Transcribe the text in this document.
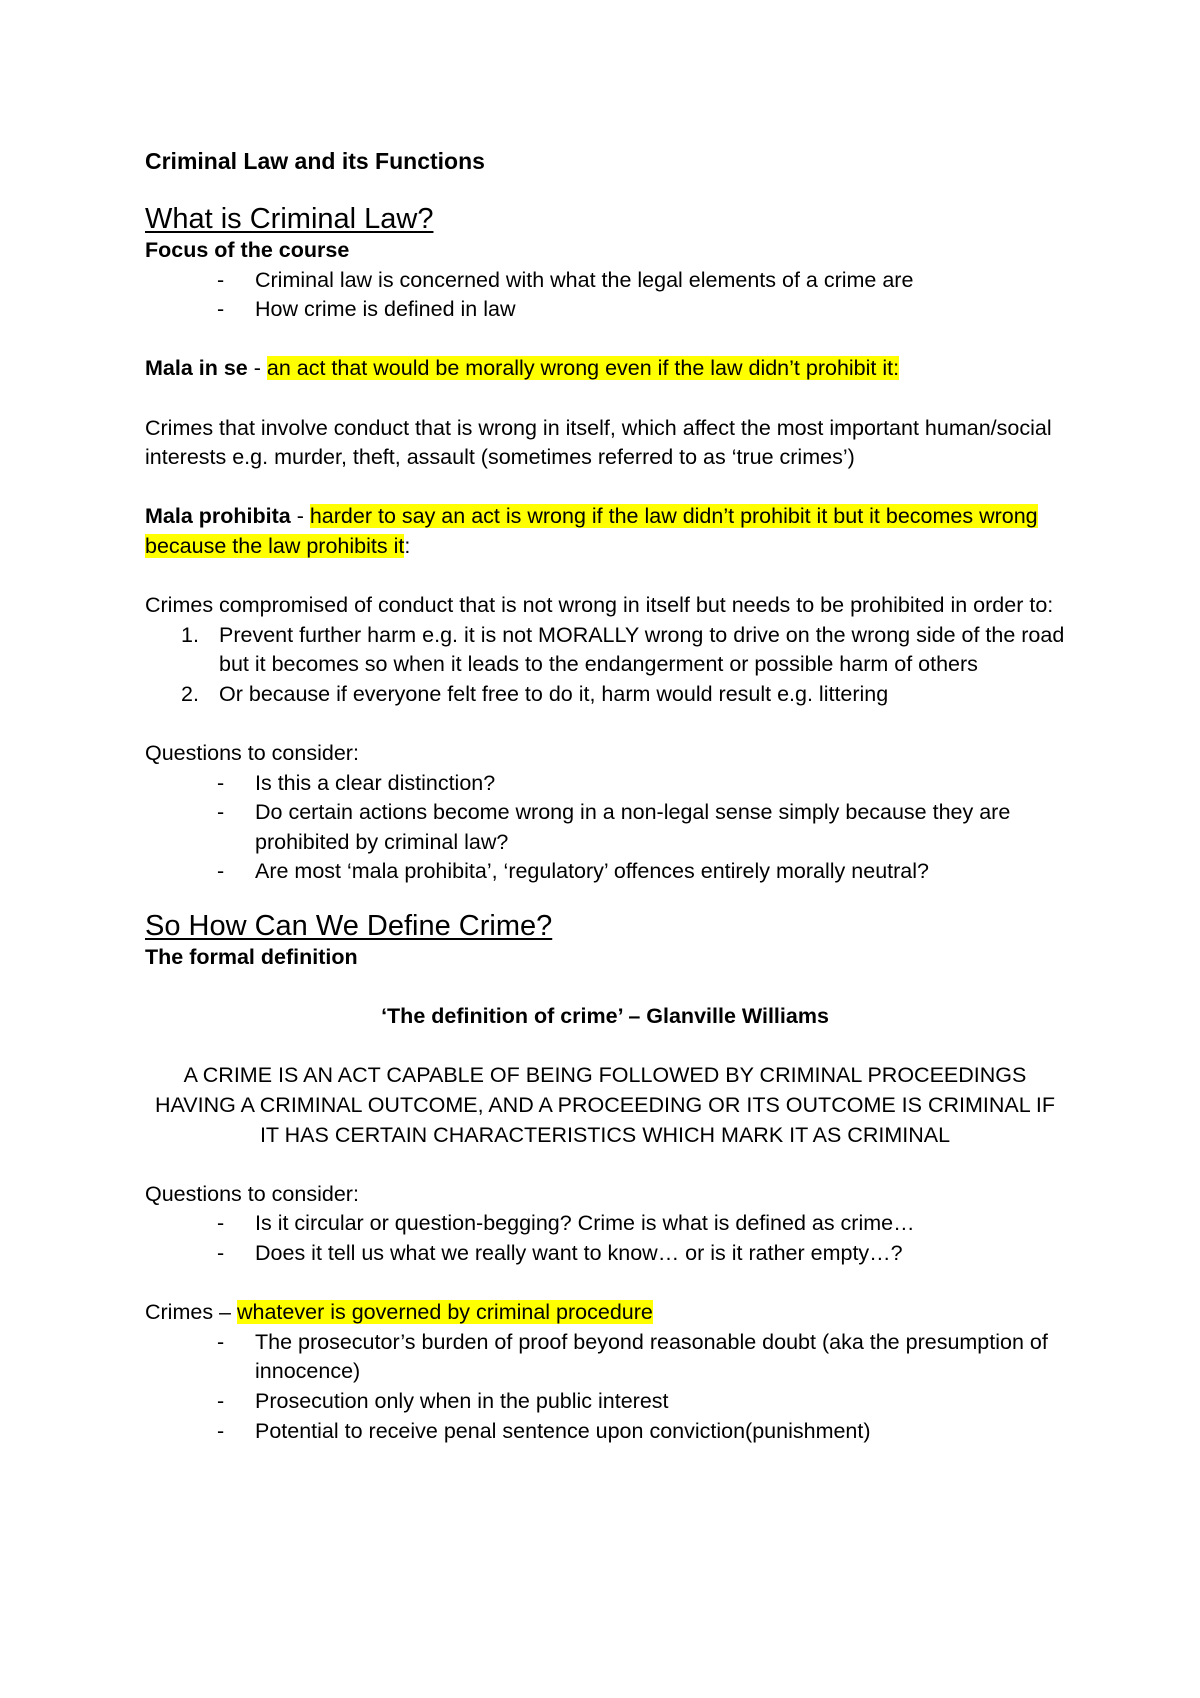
Criminal Law and its Functions

What is Criminal Law?

Focus of the course

- Criminal law is concerned with what the legal elements of a crime are
- How crime is defined in law

Mala in se - an act that would be morally wrong even if the law didn’t prohibit it:

Crimes that involve conduct that is wrong in itself, which affect the most important human/social interests e.g. murder, theft, assault (sometimes referred to as ‘true crimes’)

Mala prohibita - harder to say an act is wrong if the law didn’t prohibit it but it becomes wrong because the law prohibits it:

Crimes compromised of conduct that is not wrong in itself but needs to be prohibited in order to:

1. Prevent further harm e.g. it is not MORALLY wrong to drive on the wrong side of the road but it becomes so when it leads to the endangerment or possible harm of others
2. Or because if everyone felt free to do it, harm would result e.g. littering

Questions to consider:

- Is this a clear distinction?
- Do certain actions become wrong in a non-legal sense simply because they are prohibited by criminal law?
- Are most ‘mala prohibita’, ‘regulatory’ offences entirely morally neutral?

So How Can We Define Crime?

The formal definition

‘The definition of crime’ – Glanville Williams

A CRIME IS AN ACT CAPABLE OF BEING FOLLOWED BY CRIMINAL PROCEEDINGS HAVING A CRIMINAL OUTCOME, AND A PROCEEDING OR ITS OUTCOME IS CRIMINAL IF IT HAS CERTAIN CHARACTERISTICS WHICH MARK IT AS CRIMINAL

Questions to consider:

- Is it circular or question-begging? Crime is what is defined as crime…
- Does it tell us what we really want to know… or is it rather empty…?

Crimes – whatever is governed by criminal procedure

- The prosecutor’s burden of proof beyond reasonable doubt (aka the presumption of innocence)
- Prosecution only when in the public interest
- Potential to receive penal sentence upon conviction(punishment)
